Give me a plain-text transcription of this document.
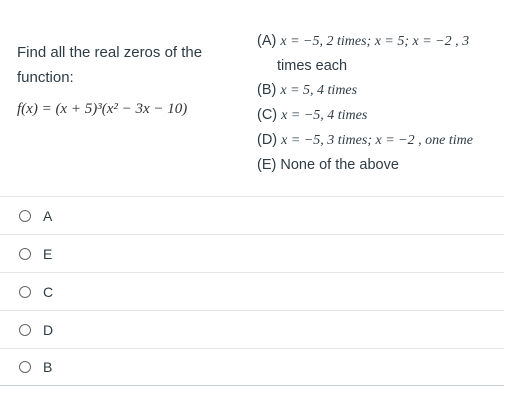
Find all the real zeros of the function:
f(x) = (x + 5)³(x² − 3x − 10)
(A) x = −5, 2 times; x = 5; x = −2 , 3
times each
(B) x = 5, 4 times
(C) x = −5, 4 times
(D) x = −5, 3 times; x = −2 , one time
(E) None of the above
A
E
C
D
B
